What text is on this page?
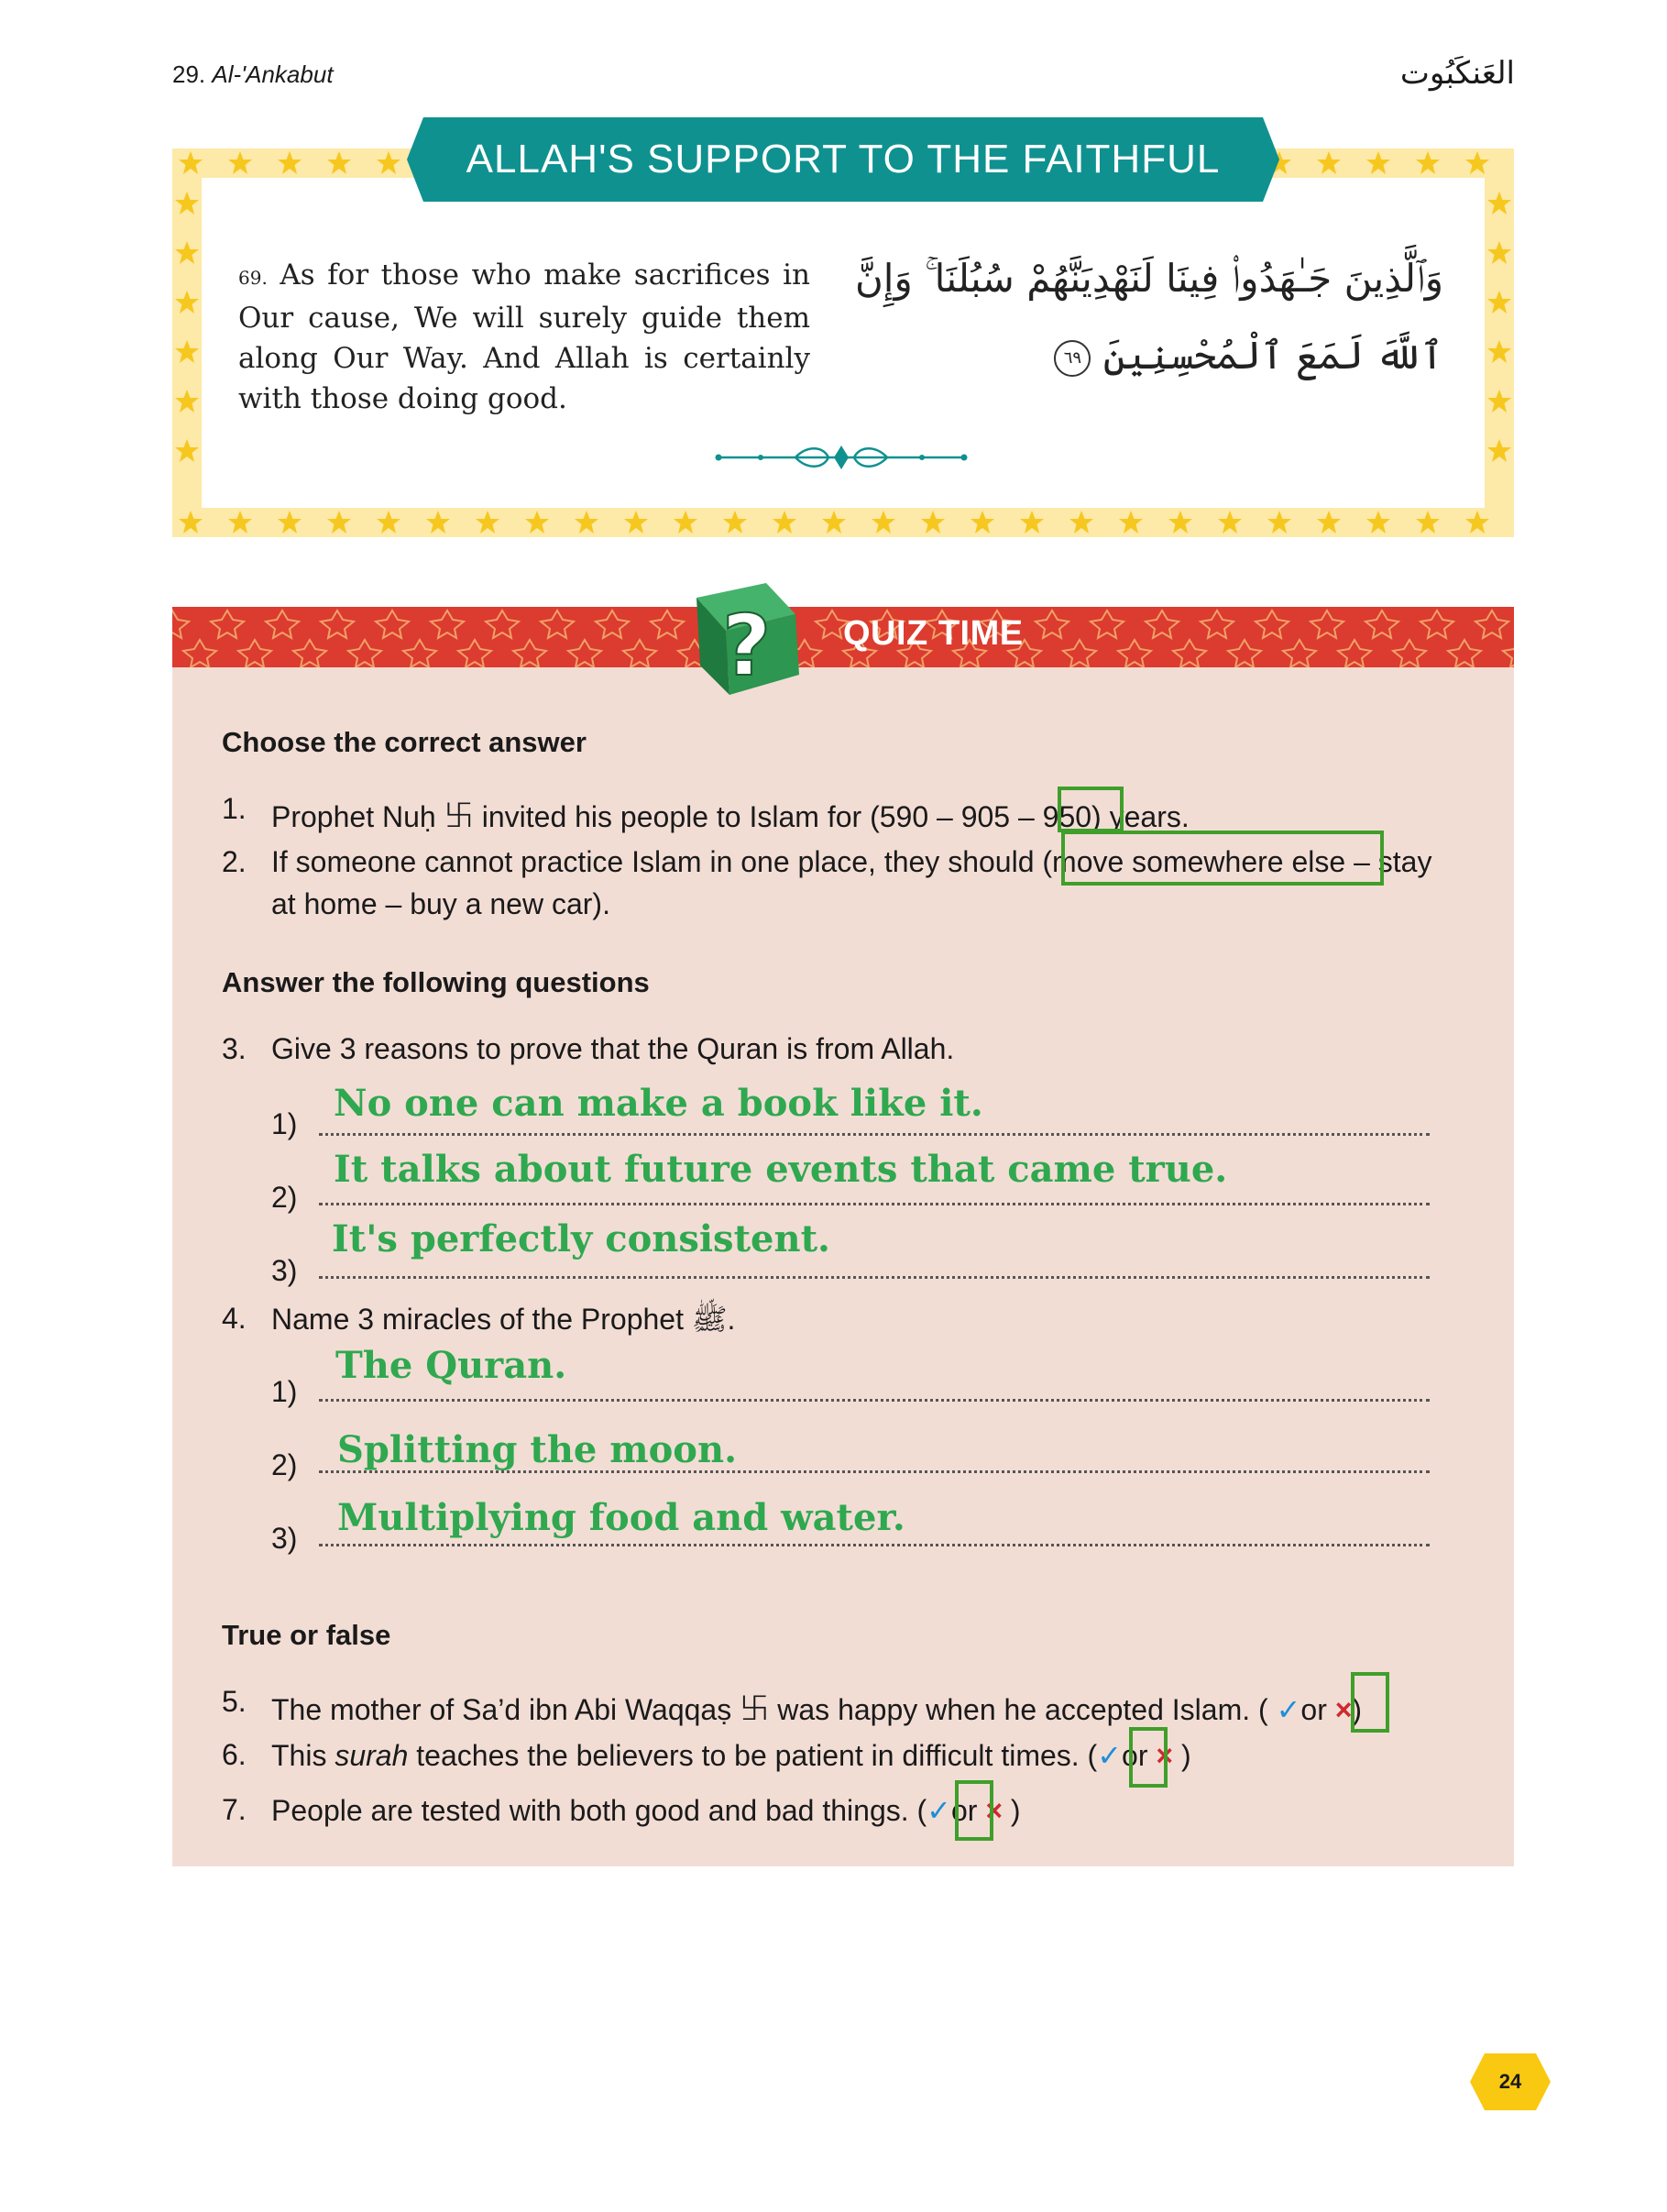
29. Al-'Ankabut	العَنكَبُوت
ALLAH'S SUPPORT TO THE FAITHFUL
69. As for those who make sacrifices in Our cause, We will surely guide them along Our Way. And Allah is certainly with those doing good.
وَٱلَّذِينَ جَـٰهَدُوا۟ فِينَا لَنَهْدِيَنَّهُمْ سُبُلَنَا ۚ وَإِنَّ
ٱللَّهَ لَمَعَ ٱلْمُحْسِنِينَ ٦٩
? QUIZ TIME
Choose the correct answer
1. Prophet Nuḥ ࿕ invited his people to Islam for (590 – 905 – 950) years.
2. If someone cannot practice Islam in one place, they should (move somewhere else – stay
at home – buy a new car).
Answer the following questions
3. Give 3 reasons to prove that the Quran is from Allah.
1) No one can make a book like it.
2)
It talks about future events that came true.
3)
It's perfectly consistent.
4. Name 3 miracles of the Prophet ﷺ.
1)
The Quran.
2) Splitting the moon.
3) Multiplying food and water.
True or false
5. The mother of Sa’d ibn Abi Waqqaṣ ࿕ was happy when he accepted Islam. ( ✓or ×)
6. This surah teaches the believers to be patient in difficult times. (✓or × )
7. People are tested with both good and bad things. (✓or × )
24
